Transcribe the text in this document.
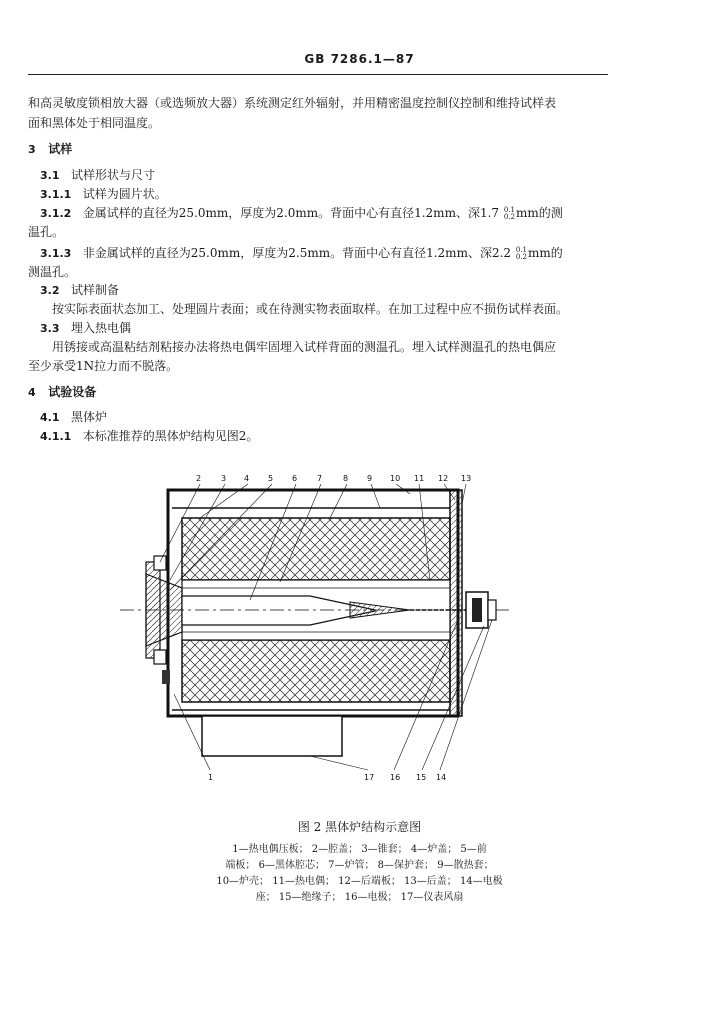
GB 7286.1—87
和高灵敏度锁相放大器（或选频放大器）系统测定红外辐射，并用精密温度控制仪控制和维持试样表
面和黑体处于相同温度。
3 试样
3.1 试样形状与尺寸
3.1.1 试样为圆片状。
3.1.2 金属试样的直径为25.0mm，厚度为2.0mm。背面中心有直径1.2mm、深1.7 0.1
0.2 mm的测
温孔。
3.1.3 非金属试样的直径为25.0mm，厚度为2.5mm。背面中心有直径1.2mm、深2.2 0.1
0.2 mm的
测温孔。
3.2 试样制备
按实际表面状态加工、处理圆片表面；或在待测实物表面取样。在加工过程中应不损伤试样表面。
3.3 埋入热电偶
用锈接或高温粘结剂粘接办法将热电偶牢固埋入试样背面的测温孔。埋入试样测温孔的热电偶应
至少承受1N拉力而不脱落。
4 试验设备
4.1 黑体炉
4.1.1 本标准推荐的黑体炉结构见图2。
2 3 4 5 6 7	8 9 10 11 12 13
1	17 16 15 14
图 2 黑体炉结构示意图
1—热电偶压板； 2—腔盖； 3—锥套； 4—炉盖； 5—前
端板； 6—黑体腔芯； 7—炉管； 8—保护套； 9—散热套；
10—炉壳； 11—热电偶； 12—后端板； 13—后盖； 14—电极
座； 15—绝缘子； 16—电极； 17—仪表风扇
